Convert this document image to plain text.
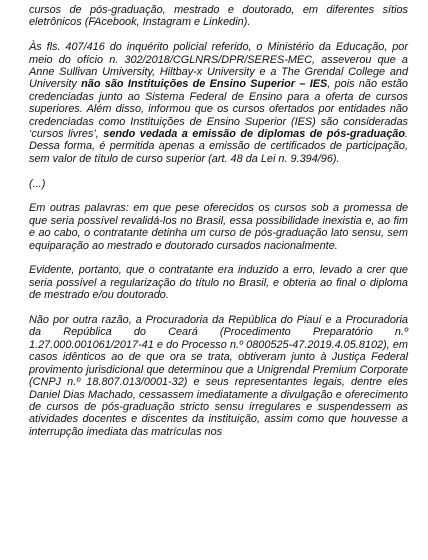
cursos de pós-graduação, mestrado e doutorado, em diferentes sítios eletrônicos (FAcebook, Instagram e Linkedin).

Às fls. 407/416 do inquérito policial referido, o Ministério da Educação, por meio do ofício n. 302/2018/CGLNRS/DPR/SERES-MEC, asseverou que a Anne Sullivan Umiversity, Hiltbay-x University e a The Grendal College and University não são Instituições de Ensino Superior – IES, pois não estão credenciadas junto ao Sistema Federal de Ensino para a oferta de cursos superiores. Além disso, informou que os cursos ofertados por entidades não credenciadas como Instituições de Ensino Superior (IES) são consideradas ‘cursos livres’, sendo vedada a emissão de diplomas de pós-graduação. Dessa forma, é permitida apenas a emissão de certificados de participação, sem valor de título de curso superior (art. 48 da Lei n. 9.394/96).

(...)

Em outras palavras: em que pese oferecidos os cursos sob a promessa de que seria possível revalidá-los no Brasil, essa possibilidade inexistia e, ao fim e ao cabo, o contratante detinha um curso de pós-graduação lato sensu, sem equiparação ao mestrado e doutorado cursados nacionalmente.

Evidente, portanto, que o contratante era induzido a erro, levado a crer que seria possível a regularização do título no Brasil, e obteria ao final o diploma de mestrado e/ou doutorado.

Não por outra razão, a Procuradoria da República do Piauí e a Procuradoria da República do Ceará (Procedimento Preparatório n.º 1.27.000.001061/2017-41 e do Processo n.º 0800525-47.2019.4.05.8102), em casos idênticos ao de que ora se trata, obtiveram junto à Justiça Federal provimento jurisdicional que determinou que a Unigrendal Premium Corporate (CNPJ n.º 18.807.013/0001-32) e seus representantes legais, dentre eles Daniel Dias Machado, cessassem imediatamente a divulgação e oferecimento de cursos de pós-graduação stricto sensu irregulares e suspendessem as atividades docentes e discentes da instituição, assim como que houvesse a interrupção imediata das matrículas nos
